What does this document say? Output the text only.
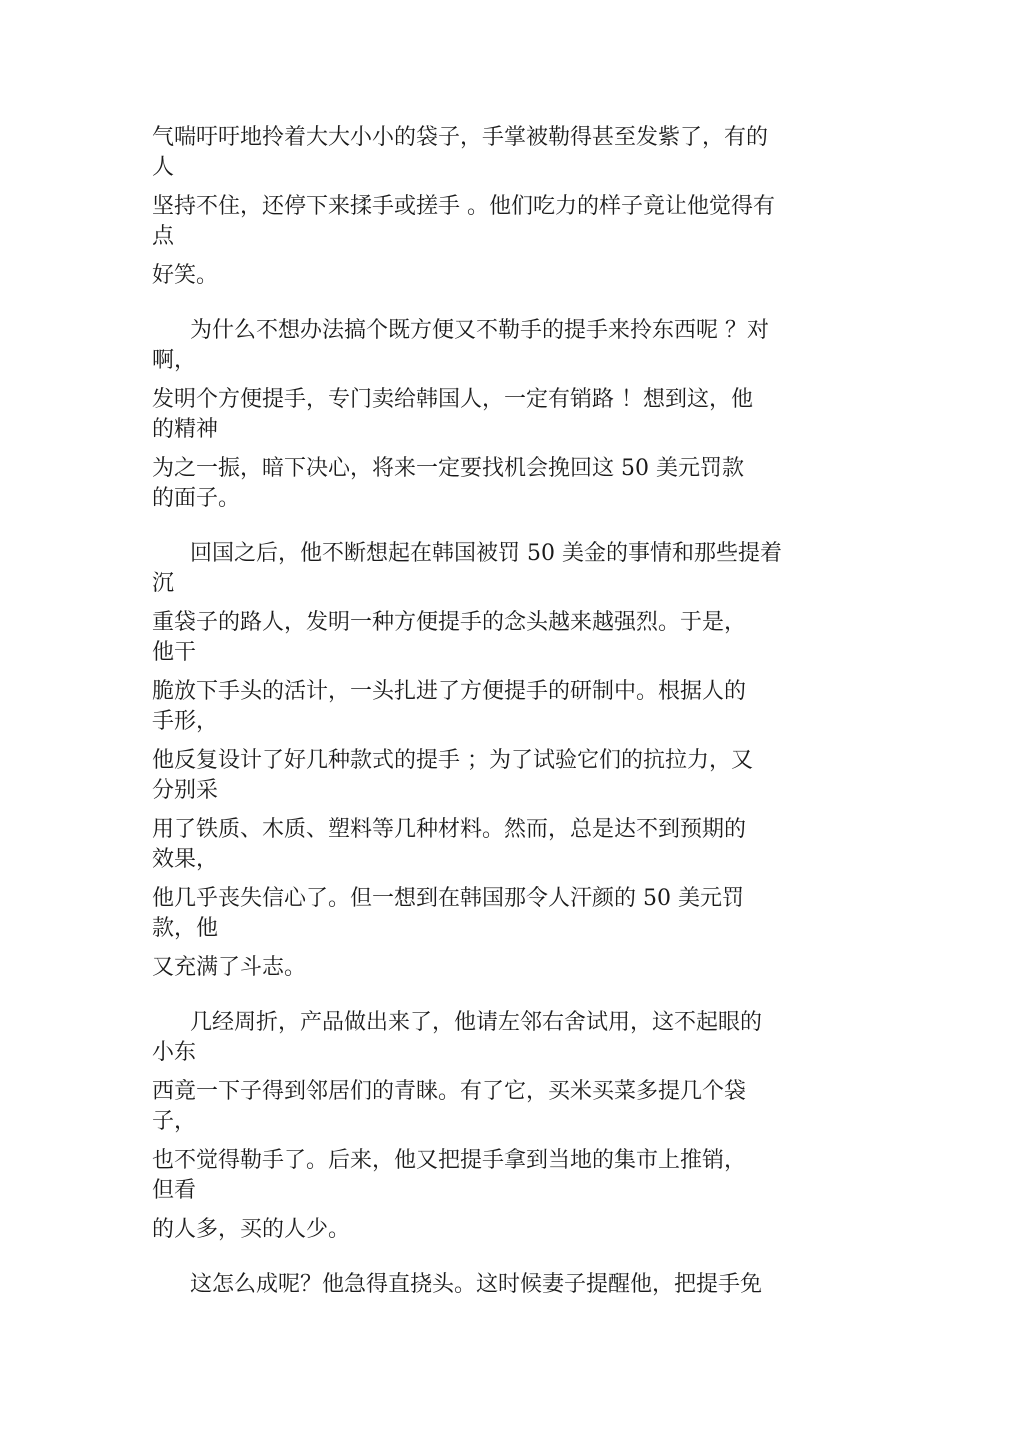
气喘吁吁地拎着大大小小的袋子，手掌被勒得甚至发紫了，有的
人
坚持不住，还停下来揉手或搓手 。他们吃力的样子竟让他觉得有
点
好笑。
为什么不想办法搞个既方便又不勒手的提手来拎东西呢 ？对
啊，
发明个方便提手，专门卖给韩国人，一定有销路 ！想到这，他
的精神
为之一振，暗下决心，将来一定要找机会挽回这 50 美元罚款
的面子。
回国之后，他不断想起在韩国被罚 50 美金的事情和那些提着
沉
重袋子的路人，发明一种方便提手的念头越来越强烈。于是，
他干
脆放下手头的活计，一头扎进了方便提手的研制中。根据人的
手形，
他反复设计了好几种款式的提手 ；为了试验它们的抗拉力，又
分别采
用了铁质、木质、塑料等几种材料。然而，总是达不到预期的
效果，
他几乎丧失信心了。但一想到在韩国那令人汗颜的 50 美元罚
款，他
又充满了斗志。
几经周折，产品做出来了，他请左邻右舍试用，这不起眼的
小东
西竟一下子得到邻居们的青睐。有了它，买米买菜多提几个袋
子，
也不觉得勒手了。后来，他又把提手拿到当地的集市上推销，
但看
的人多，买的人少。
这怎么成呢？他急得直挠头。这时候妻子提醒他，把提手免
